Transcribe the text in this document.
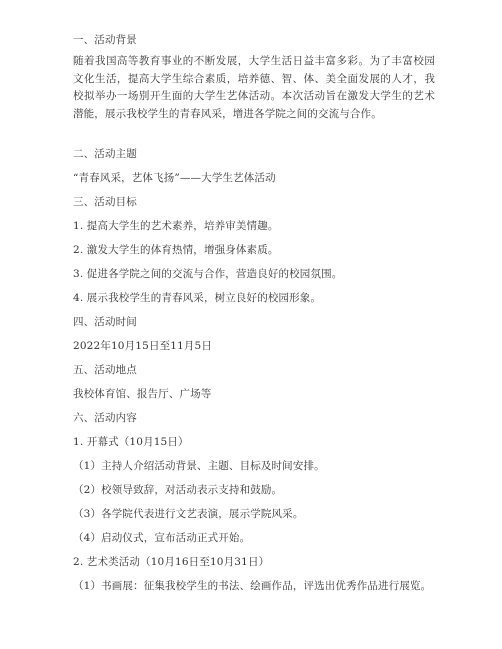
一、活动背景
随着我国高等教育事业的不断发展，大学生活日益丰富多彩。为了丰富校园文化生活，提高大学生综合素质，培养德、智、体、美全面发展的人才，我校拟举办一场别开生面的大学生艺体活动。本次活动旨在激发大学生的艺术潜能，展示我校学生的青春风采，增进各学院之间的交流与合作。
二、活动主题
“青春风采，艺体飞扬”——大学生艺体活动
三、活动目标
1. 提高大学生的艺术素养，培养审美情趣。
2. 激发大学生的体育热情，增强身体素质。
3. 促进各学院之间的交流与合作，营造良好的校园氛围。
4. 展示我校学生的青春风采，树立良好的校园形象。
四、活动时间
2022年10月15日至11月5日
五、活动地点
我校体育馆、报告厅、广场等
六、活动内容
1. 开幕式（10月15日）
（1）主持人介绍活动背景、主题、目标及时间安排。
（2）校领导致辞，对活动表示支持和鼓励。
（3）各学院代表进行文艺表演，展示学院风采。
（4）启动仪式，宣布活动正式开始。
2. 艺术类活动（10月16日至10月31日）
（1）书画展：征集我校学生的书法、绘画作品，评选出优秀作品进行展览。
